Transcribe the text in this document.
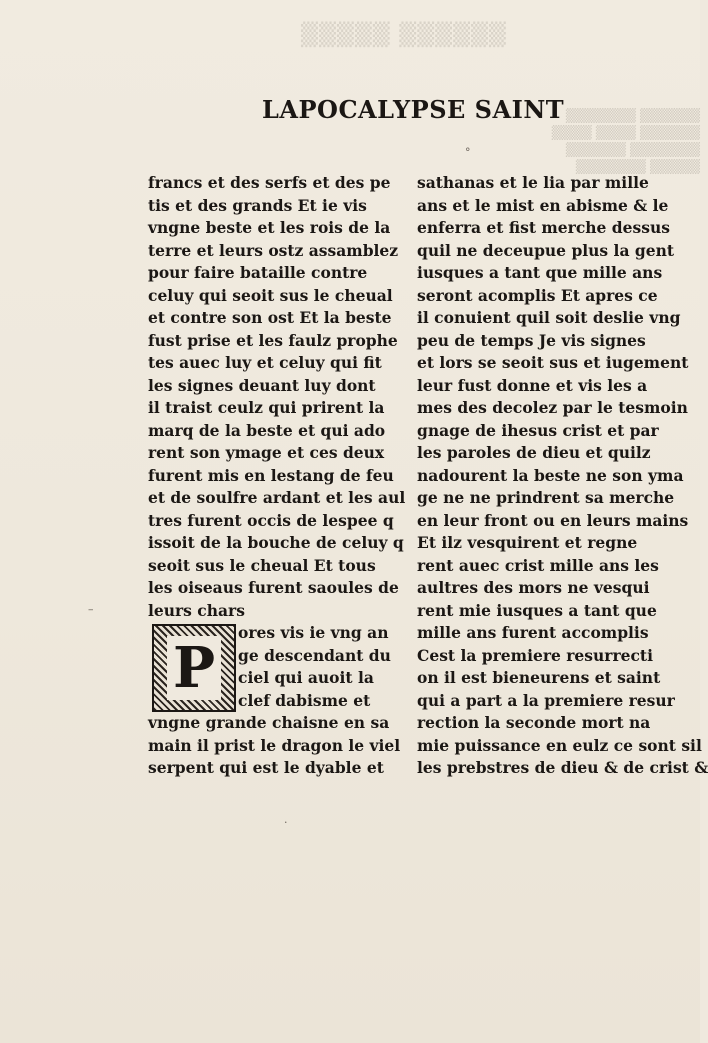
▒▒▒▒▒▒ ▒▒▒▒▒
▒▒▒▒▒▒ ▒▒▒▒▒▒▒
▒▒▒▒▒▒ ▒▒▒▒ ▒▒▒▒
▒▒▒▒▒▒▒ ▒▒▒▒▒▒
▒▒▒▒▒ ▒▒▒▒▒▒▒
LAPOCALYPSE SAINT
francs et des serfs et des pe
tis et des grands Et ie vis
vngne beste et les rois de la
terre et leurs ostz assamblez
pour faire bataille contre
celuy qui seoit sus le cheual
et contre son ost Et la beste
fust prise et les faulz prophe
tes auec luy et celuy qui fit
les signes deuant luy dont
il traist ceulz qui prirent la
marq de la beste et qui ado
rent son ymage et ces deux
furent mis en lestang de feu
et de soulfre ardant et les aul
tres furent occis de lespee q
issoit de la bouche de celuy q
seoit sus le cheual Et tous
les oiseaus furent saoules de
leurs chars
P
ores vis ie vng an
ge descendant du
ciel qui auoit la
clef dabisme et
vngne grande chaisne en sa
main il prist le dragon le viel
serpent qui est le dyable et
sathanas et le lia par mille
ans et le mist en abisme & le
enferra et fist merche dessus
quil ne deceupue plus la gent
iusques a tant que mille ans
seront acomplis Et apres ce
il conuient quil soit deslie vng
peu de temps Je vis signes
et lors se seoit sus et iugement
leur fust donne et vis les a
mes des decolez par le tesmoin
gnage de ihesus crist et par
les paroles de dieu et quilz
nadourent la beste ne son yma
ge ne ne prindrent sa merche
en leur front ou en leurs mains
Et ilz vesquirent et regne
rent auec crist mille ans les
aultres des mors ne vesqui
rent mie iusques a tant que
mille ans furent accomplis
Cest la premiere resurrecti
on il est bieneurens et saint
qui a part a la premiere resur
rection la seconde mort na
mie puissance en eulz ce sont sil
les prebstres de dieu & de crist &
–
·
°
